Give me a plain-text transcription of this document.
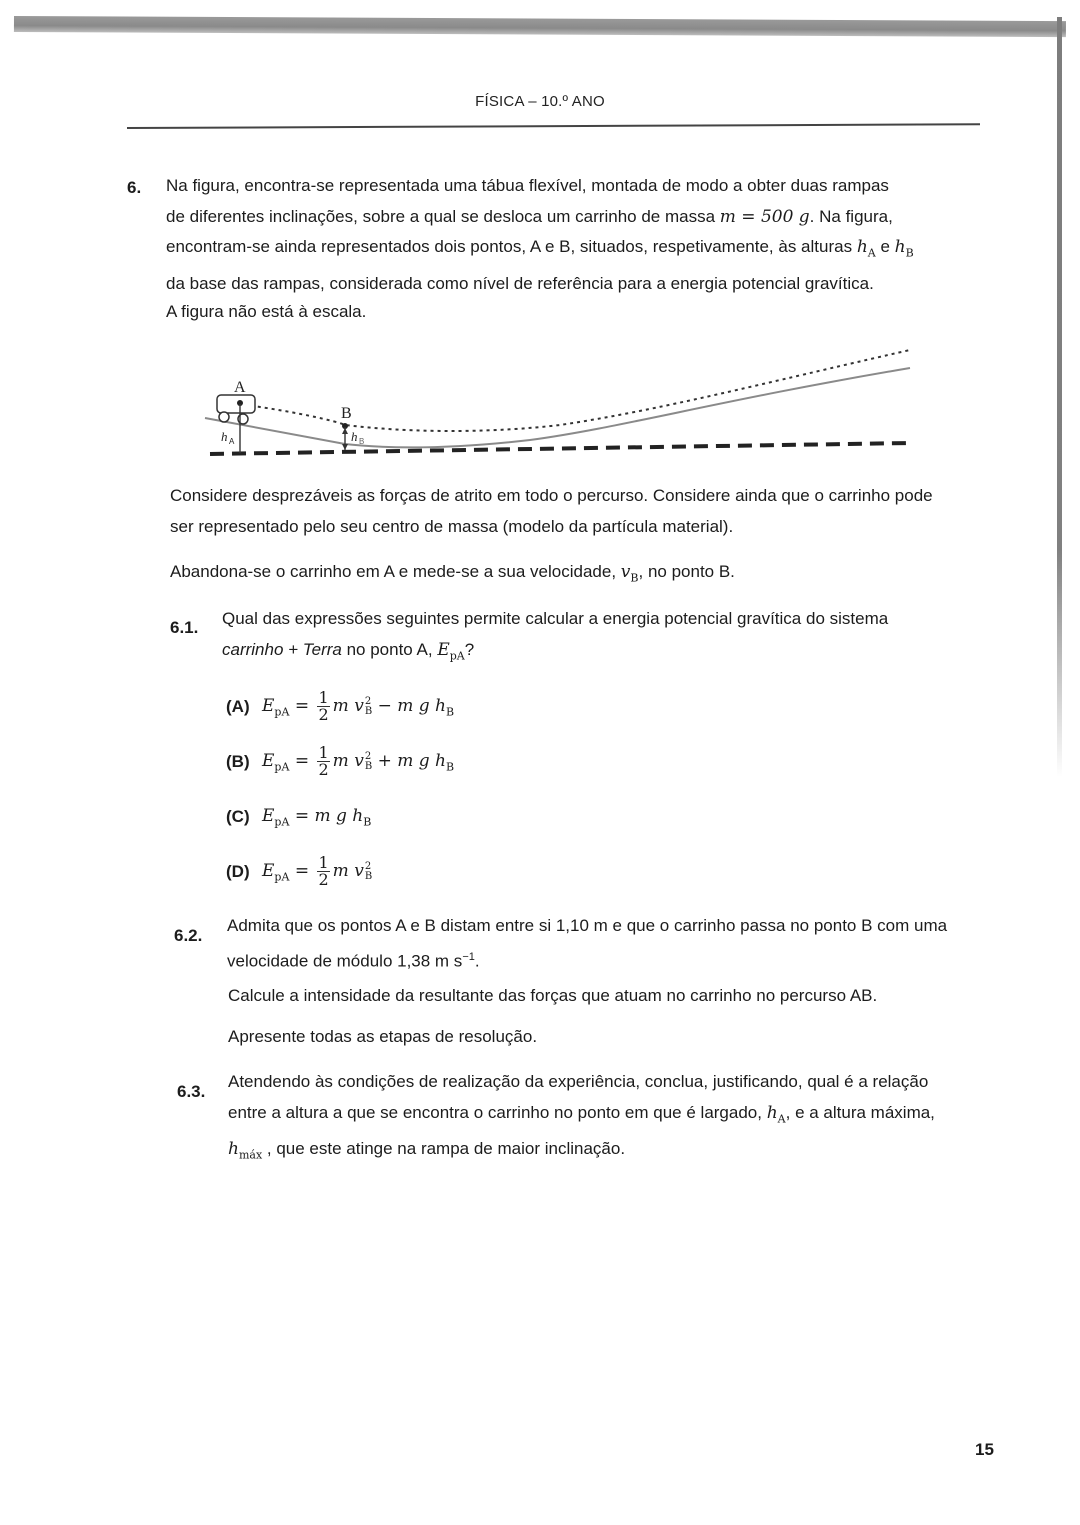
FÍSICA – 10.º ANO
6. Na figura, encontra-se representada uma tábua flexível, montada de modo a obter duas rampas
de diferentes inclinações, sobre a qual se desloca um carrinho de massa m = 500 g. Na figura,
encontram-se ainda representados dois pontos, A e B, situados, respetivamente, às alturas $h_A$ e $h_B$
da base das rampas, considerada como nível de referência para a energia potencial gravítica.
A figura não está à escala.
A
B
h A	h B
Considere desprezáveis as forças de atrito em todo o percurso. Considere ainda que o carrinho pode
ser representado pelo seu centro de massa (modelo da partícula material).
Abandona-se o carrinho em A e mede-se a sua velocidade, $v_B$, no ponto B.
6.1. Qual das expressões seguintes permite calcular a energia potencial gravítica do sistema
carrinho + Terra no ponto A, $E_{pA}$?
(A) $E_{pA} = \frac{1}{2}$ m v 2
B − m g $h_B$
(B) $E_{pA} = \frac{1}{2}$ m v 2
B + m g $h_B$
(C) $E_{pA} = m$ g $h_B$
(D) $E_{pA} = \frac{1}{2}$ m v 2
B
6.2.
Admita que os pontos A e B distam entre si 1,10 m e que o carrinho passa no ponto B com uma
velocidade de módulo 1,38 m $s^{-1}$.
Calcule a intensidade da resultante das forças que atuam no carrinho no percurso AB.
Apresente todas as etapas de resolução.
6.3.
Atendendo às condições de realização da experiência, conclua, justificando, qual é a relação
entre a altura a que se encontra o carrinho no ponto em que é largado, $h_A$, e a altura máxima,
$h_{máx}$ , que este atinge na rampa de maior inclinação.
15
